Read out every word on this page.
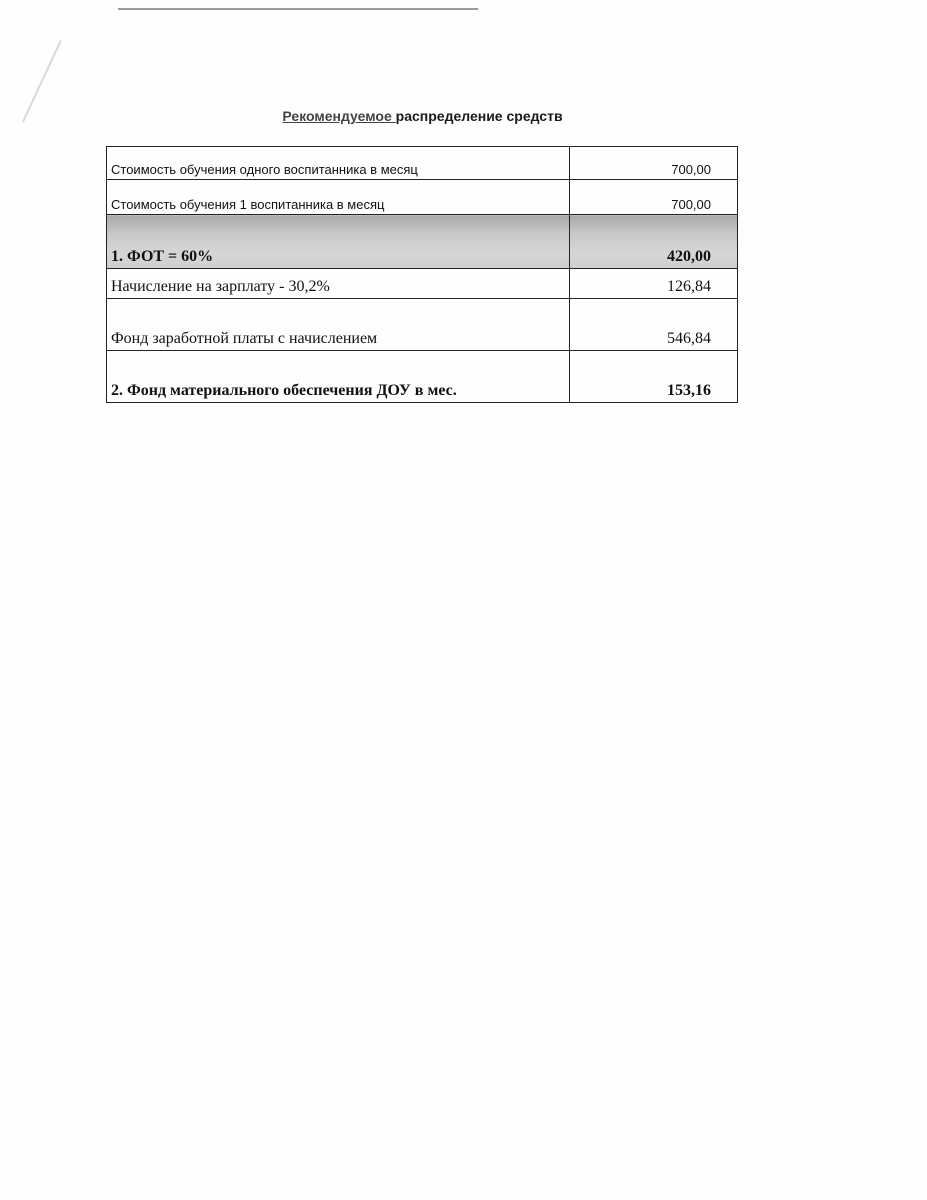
Рекомендуемое распределение средств
Стоимость обучения одного воспитанника в месяц	700,00
Стоимость обучения 1 воспитанника в месяц	700,00
1. ФОТ = 60%	420,00
Начисление на зарплату - 30,2%	126,84
Фонд заработной платы с начислением	546,84
2. Фонд материального обеспечения ДОУ в мес.	153,16
